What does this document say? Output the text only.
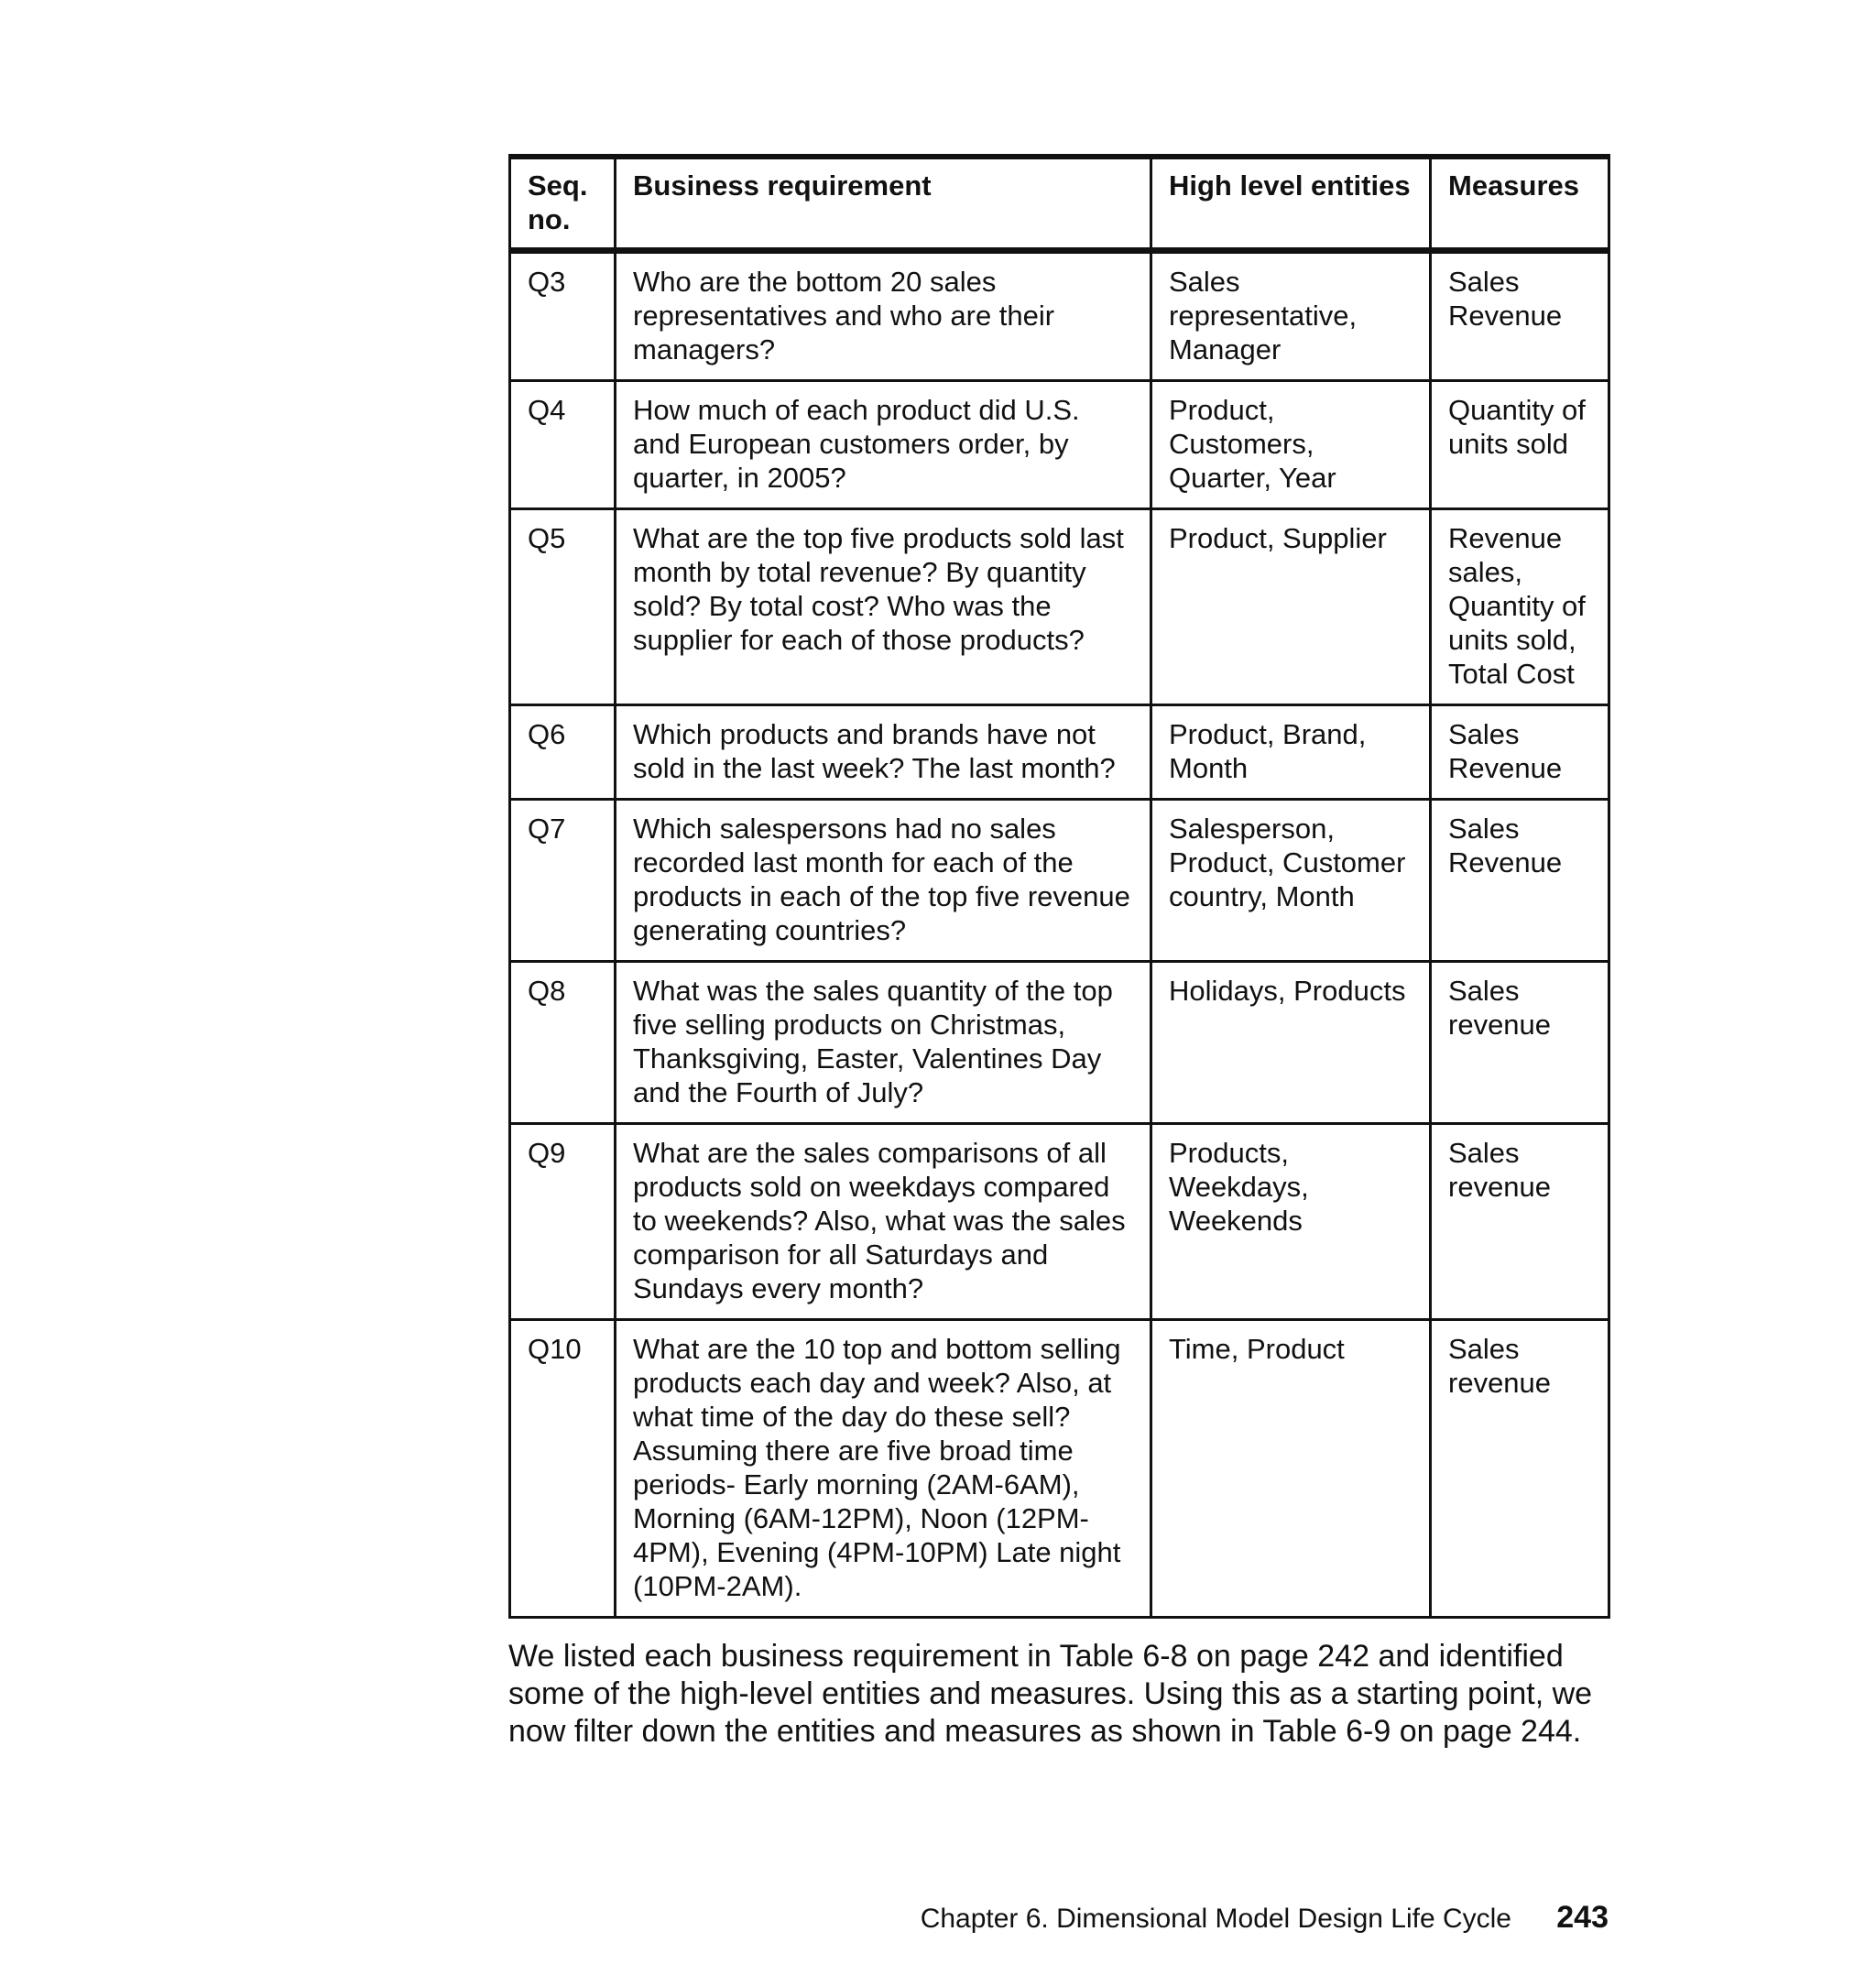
Seq. no.	Business requirement	High level entities	Measures
Q3	Who are the bottom 20 sales representatives and who are their managers?	Sales representative, Manager	Sales Revenue
Q4	How much of each product did U.S. and European customers order, by quarter, in 2005?	Product, Customers, Quarter, Year	Quantity of units sold
Q5	What are the top five products sold last month by total revenue? By quantity sold? By total cost? Who was the supplier for each of those products?	Product, Supplier	Revenue sales, Quantity of units sold, Total Cost
Q6	Which products and brands have not sold in the last week? The last month?	Product, Brand, Month	Sales Revenue
Q7	Which salespersons had no sales recorded last month for each of the products in each of the top five revenue generating countries?	Salesperson, Product, Customer country, Month	Sales Revenue
Q8	What was the sales quantity of the top five selling products on Christmas, Thanksgiving, Easter, Valentines Day and the Fourth of July?	Holidays, Products	Sales revenue
Q9	What are the sales comparisons of all products sold on weekdays compared to weekends? Also, what was the sales comparison for all Saturdays and Sundays every month?	Products, Weekdays, Weekends	Sales revenue
Q10	What are the 10 top and bottom selling products each day and week? Also, at what time of the day do these sell? Assuming there are five broad time periods- Early morning (2AM-6AM), Morning (6AM-12PM), Noon (12PM-4PM), Evening (4PM-10PM) Late night (10PM-2AM).	Time, Product	Sales revenue

We listed each business requirement in Table 6-8 on page 242 and identified some of the high-level entities and measures. Using this as a starting point, we now filter down the entities and measures as shown in Table 6-9 on page 244.

Chapter 6. Dimensional Model Design Life Cycle 243
